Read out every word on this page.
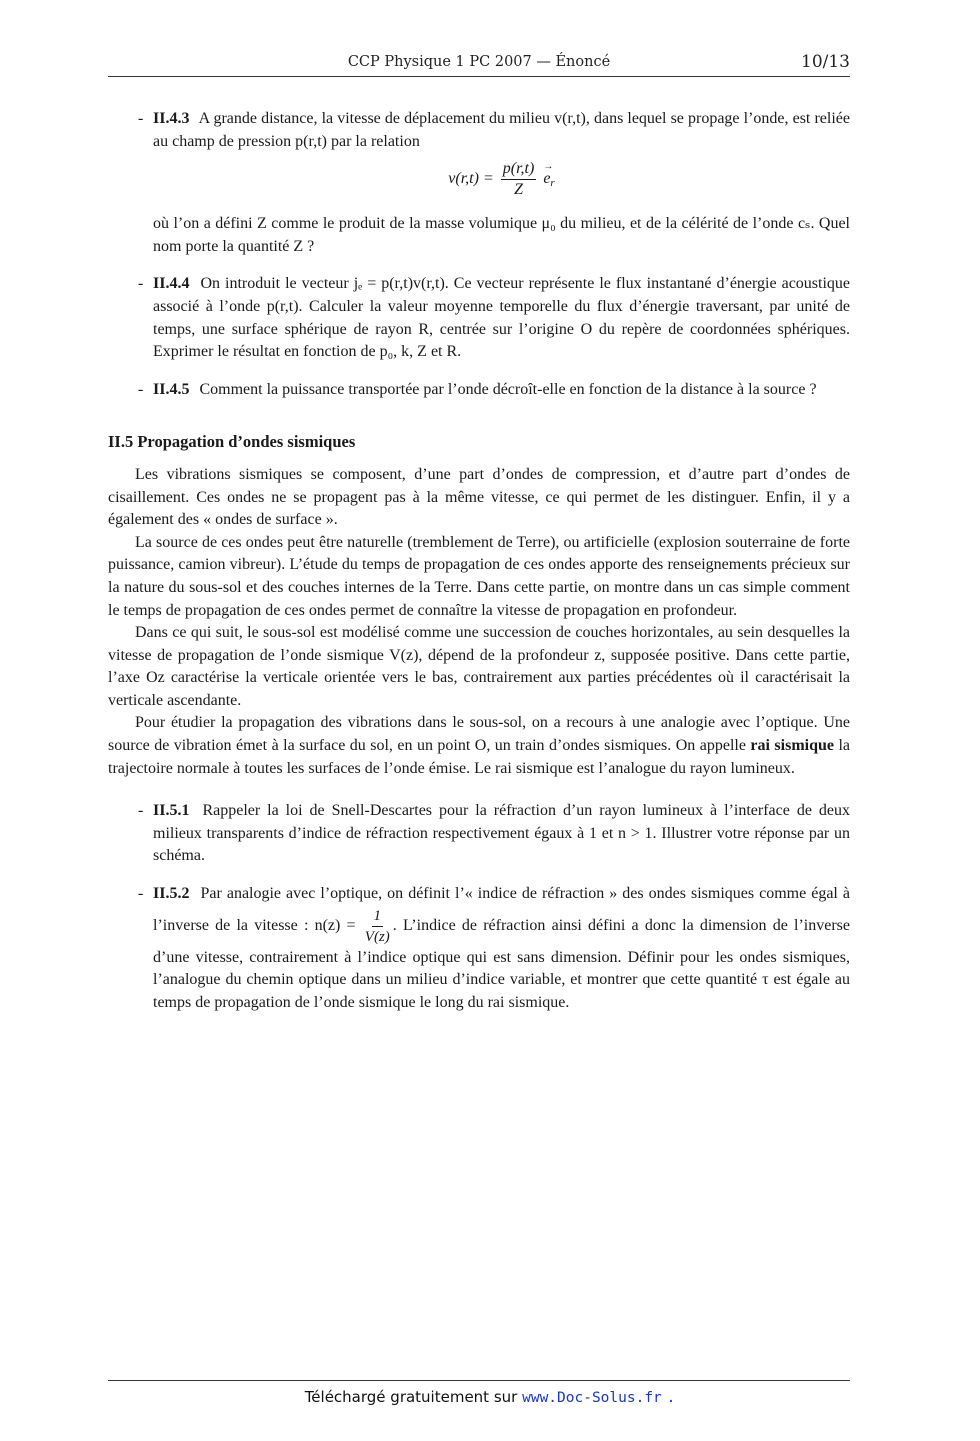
CCP Physique 1 PC 2007 — Énoncé	10/13
- II.4.3 A grande distance, la vitesse de déplacement du milieu v(r,t), dans lequel se propage l’onde, est reliée au champ de pression p(r,t) par la relation
$v(r,t) = \frac{p(r,t)}{Z}$
→ $e_r$
où l’on a défini Z comme le produit de la masse volumique μ₀ du milieu, et de la célérité de l’onde cₛ. Quel nom porte la quantité Z ?
- II.4.4 On introduit le vecteur jₑ = p(r,t)v(r,t). Ce vecteur représente le flux instantané d’énergie acoustique associé à l’onde p(r,t). Calculer la valeur moyenne temporelle du flux d’énergie traversant, par unité de temps, une surface sphérique de rayon R, centrée sur l’origine O du repère de coordonnées sphériques. Exprimer le résultat en fonction de p₀, k, Z et R.
- II.4.5 Comment la puissance transportée par l’onde décroît-elle en fonction de la distance à la source ?
II.5 Propagation d’ondes sismiques

Les vibrations sismiques se composent, d’une part d’ondes de compression, et d’autre part d’ondes de cisaillement. Ces ondes ne se propagent pas à la même vitesse, ce qui permet de les distinguer. Enfin, il y a également des « ondes de surface ».

La source de ces ondes peut être naturelle (tremblement de Terre), ou artificielle (explosion souterraine de forte puissance, camion vibreur). L’étude du temps de propagation de ces ondes apporte des renseignements précieux sur la nature du sous-sol et des couches internes de la Terre. Dans cette partie, on montre dans un cas simple comment le temps de propagation de ces ondes permet de connaître la vitesse de propagation en profondeur.

Dans ce qui suit, le sous-sol est modélisé comme une succession de couches horizontales, au sein desquelles la vitesse de propagation de l’onde sismique V(z), dépend de la profondeur z, supposée positive. Dans cette partie, l’axe Oz caractérise la verticale orientée vers le bas, contrairement aux parties précédentes où il caractérisait la verticale ascendante.

Pour étudier la propagation des vibrations dans le sous-sol, on a recours à une analogie avec l’optique. Une source de vibration émet à la surface du sol, en un point O, un train d’ondes sismiques. On appelle rai sismique la trajectoire normale à toutes les surfaces de l’onde émise. Le rai sismique est l’analogue du rayon lumineux.

- II.5.1 Rappeler la loi de Snell-Descartes pour la réfraction d’un rayon lumineux à l’interface de deux milieux transparents d’indice de réfraction respectivement égaux à 1 et n > 1. Illustrer votre réponse par un schéma.
- II.5.2 Par analogie avec l’optique, on définit l’« indice de réfraction » des ondes sismiques comme égal à l’inverse de la vitesse : $n(z) = \frac{1}{V(z)}$ . L’indice de réfraction ainsi défini a donc la dimension de l’inverse d’une vitesse, contrairement à l’indice optique qui est sans dimension. Définir pour les ondes sismiques, l’analogue du chemin optique dans un milieu d’indice variable, et montrer que cette quantité τ est égale au temps de propagation de l’onde sismique le long du rai sismique.
Téléchargé gratuitement sur www.Doc-Solus.fr .
